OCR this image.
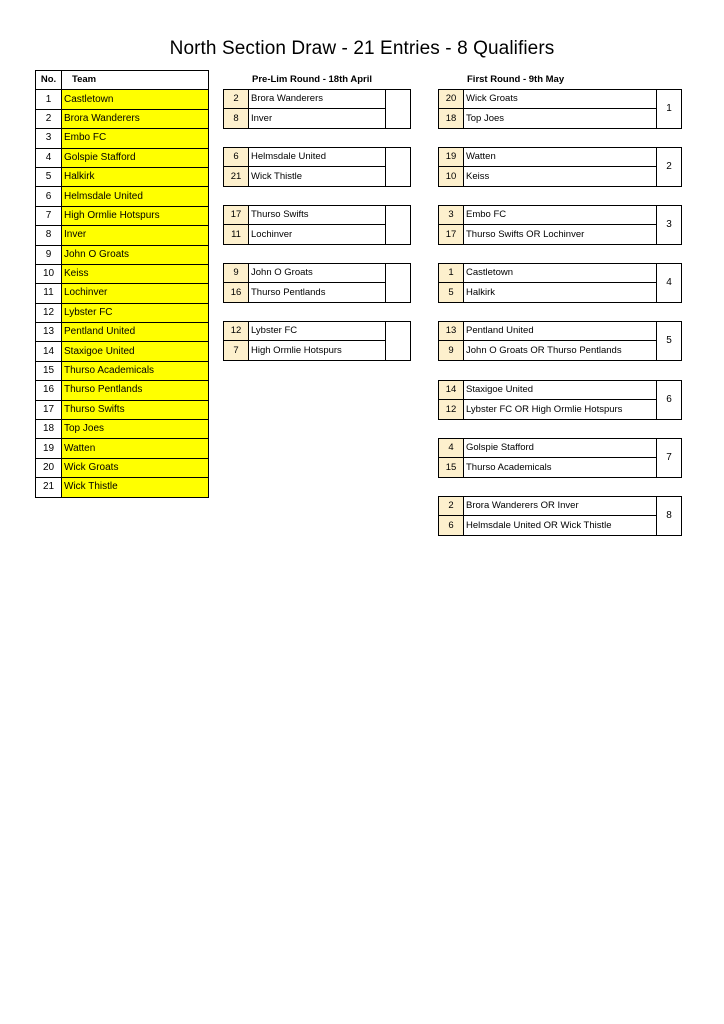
North Section Draw - 21 Entries - 8 Qualifiers
Pre-Lim Round - 18th April	First Round - 9th May
No.	Team
1	Castletown
2	Brora Wanderers
3	Embo FC
4	Golspie Stafford
5	Halkirk
6	Helmsdale United
7	High Ormlie Hotspurs
8	Inver
9	John O Groats
10	Keiss
11	Lochinver
12	Lybster FC
13	Pentland United
14	Staxigoe United
15	Thurso Academicals
16	Thurso Pentlands
17	Thurso Swifts
18	Top Joes
19	Watten
20	Wick Groats
21	Wick Thistle
2	Brora Wanderers	
8	Inver	
6	Helmsdale United	
21	Wick Thistle	
17	Thurso Swifts	
11	Lochinver	
9	John O Groats	
16	Thurso Pentlands	
12	Lybster FC	
7	High Ormlie Hotspurs	
20	Wick Groats	1
18	Top Joes	
19	Watten	2
10	Keiss	
3	Embo FC	3
17	Thurso Swifts OR Lochinver	
1	Castletown	4
5	Halkirk	
13	Pentland United	5
9	John O Groats OR Thurso Pentlands	
14	Staxigoe United	6
12	Lybster FC OR High Ormlie Hotspurs	
4	Golspie Stafford	7
15	Thurso Academicals	
2	Brora Wanderers OR Inver	8
6	Helmsdale United OR Wick Thistle	
